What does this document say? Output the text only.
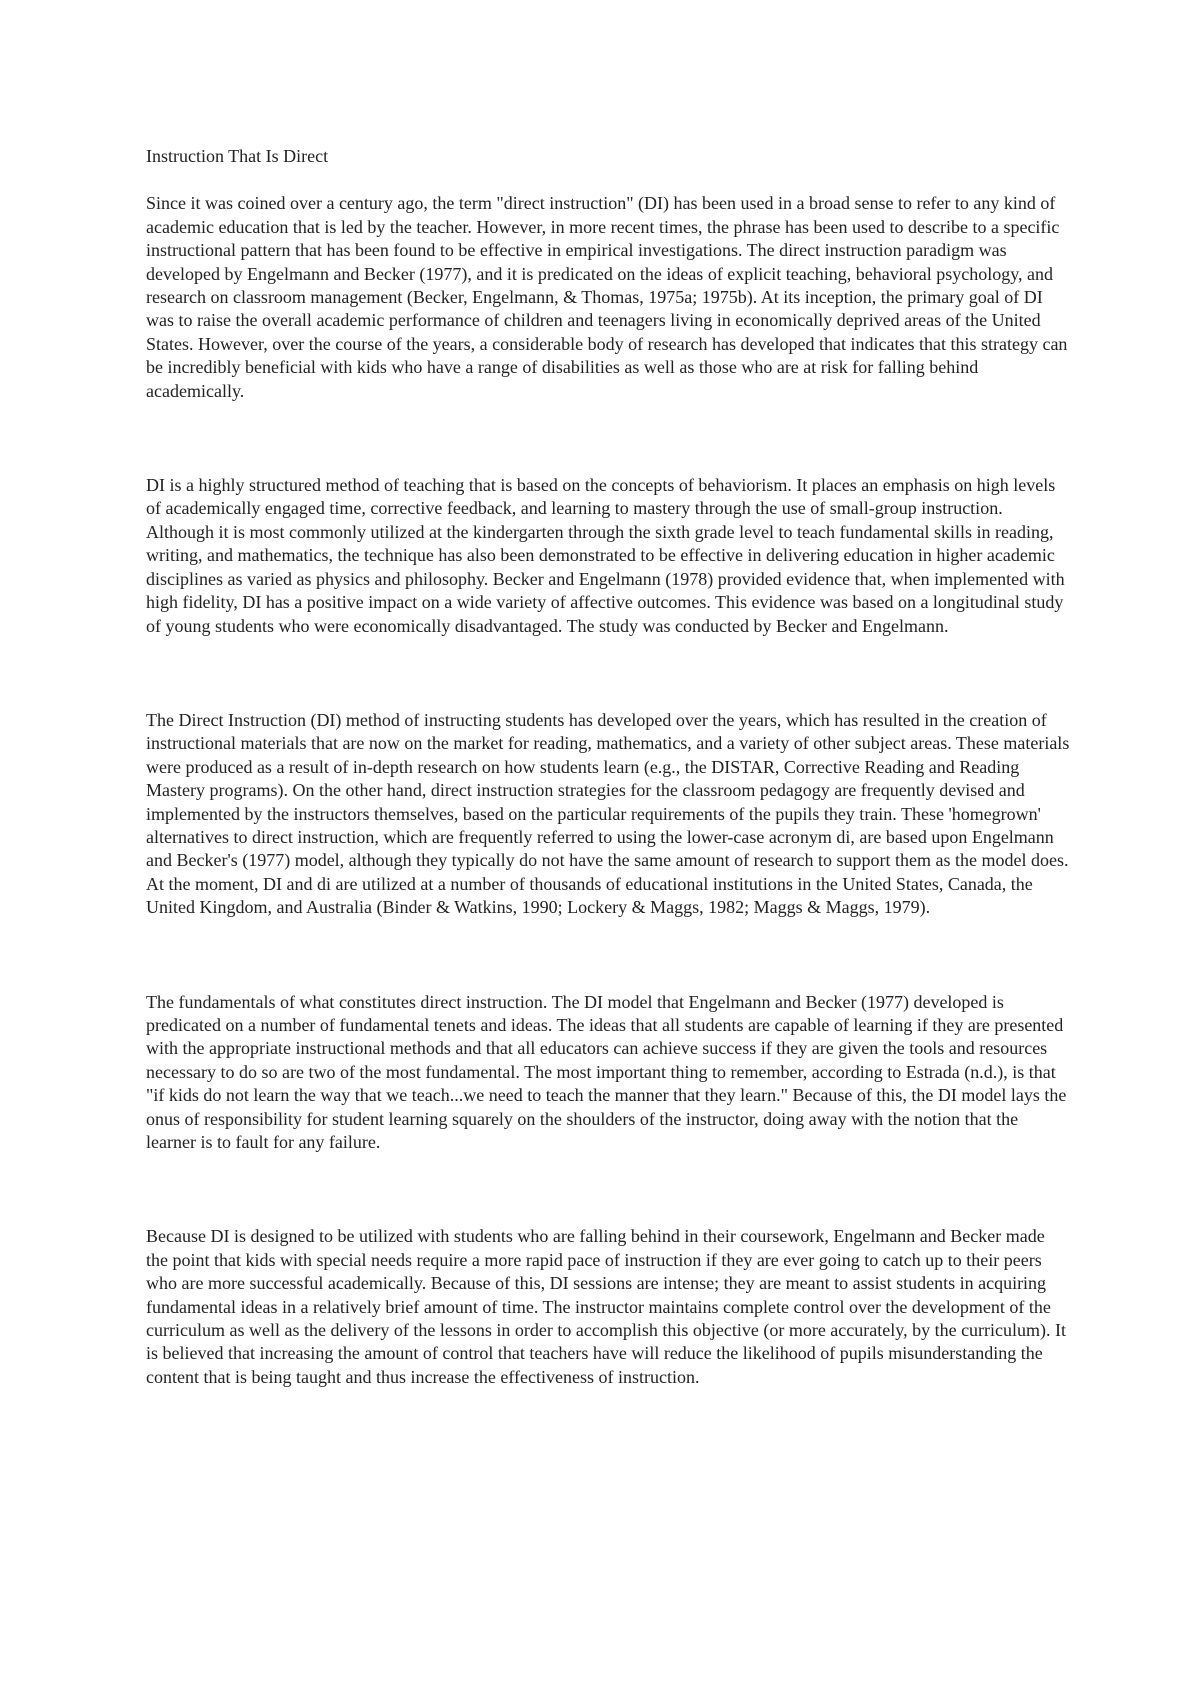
Instruction That Is Direct

Since it was coined over a century ago, the term "direct instruction" (DI) has been used in a broad sense to refer to any kind of academic education that is led by the teacher. However, in more recent times, the phrase has been used to describe to a specific instructional pattern that has been found to be effective in empirical investigations. The direct instruction paradigm was developed by Engelmann and Becker (1977), and it is predicated on the ideas of explicit teaching, behavioral psychology, and research on classroom management (Becker, Engelmann, & Thomas, 1975a; 1975b). At its inception, the primary goal of DI was to raise the overall academic performance of children and teenagers living in economically deprived areas of the United States. However, over the course of the years, a considerable body of research has developed that indicates that this strategy can be incredibly beneficial with kids who have a range of disabilities as well as those who are at risk for falling behind academically.

DI is a highly structured method of teaching that is based on the concepts of behaviorism. It places an emphasis on high levels of academically engaged time, corrective feedback, and learning to mastery through the use of small-group instruction. Although it is most commonly utilized at the kindergarten through the sixth grade level to teach fundamental skills in reading, writing, and mathematics, the technique has also been demonstrated to be effective in delivering education in higher academic disciplines as varied as physics and philosophy. Becker and Engelmann (1978) provided evidence that, when implemented with high fidelity, DI has a positive impact on a wide variety of affective outcomes. This evidence was based on a longitudinal study of young students who were economically disadvantaged. The study was conducted by Becker and Engelmann.

The Direct Instruction (DI) method of instructing students has developed over the years, which has resulted in the creation of instructional materials that are now on the market for reading, mathematics, and a variety of other subject areas. These materials were produced as a result of in-depth research on how students learn (e.g., the DISTAR, Corrective Reading and Reading Mastery programs). On the other hand, direct instruction strategies for the classroom pedagogy are frequently devised and implemented by the instructors themselves, based on the particular requirements of the pupils they train. These 'homegrown' alternatives to direct instruction, which are frequently referred to using the lower-case acronym di, are based upon Engelmann and Becker's (1977) model, although they typically do not have the same amount of research to support them as the model does. At the moment, DI and di are utilized at a number of thousands of educational institutions in the United States, Canada, the United Kingdom, and Australia (Binder & Watkins, 1990; Lockery & Maggs, 1982; Maggs & Maggs, 1979).

The fundamentals of what constitutes direct instruction. The DI model that Engelmann and Becker (1977) developed is predicated on a number of fundamental tenets and ideas. The ideas that all students are capable of learning if they are presented with the appropriate instructional methods and that all educators can achieve success if they are given the tools and resources necessary to do so are two of the most fundamental. The most important thing to remember, according to Estrada (n.d.), is that "if kids do not learn the way that we teach...we need to teach the manner that they learn." Because of this, the DI model lays the onus of responsibility for student learning squarely on the shoulders of the instructor, doing away with the notion that the learner is to fault for any failure.

Because DI is designed to be utilized with students who are falling behind in their coursework, Engelmann and Becker made the point that kids with special needs require a more rapid pace of instruction if they are ever going to catch up to their peers who are more successful academically. Because of this, DI sessions are intense; they are meant to assist students in acquiring fundamental ideas in a relatively brief amount of time. The instructor maintains complete control over the development of the curriculum as well as the delivery of the lessons in order to accomplish this objective (or more accurately, by the curriculum). It is believed that increasing the amount of control that teachers have will reduce the likelihood of pupils misunderstanding the content that is being taught and thus increase the effectiveness of instruction.
